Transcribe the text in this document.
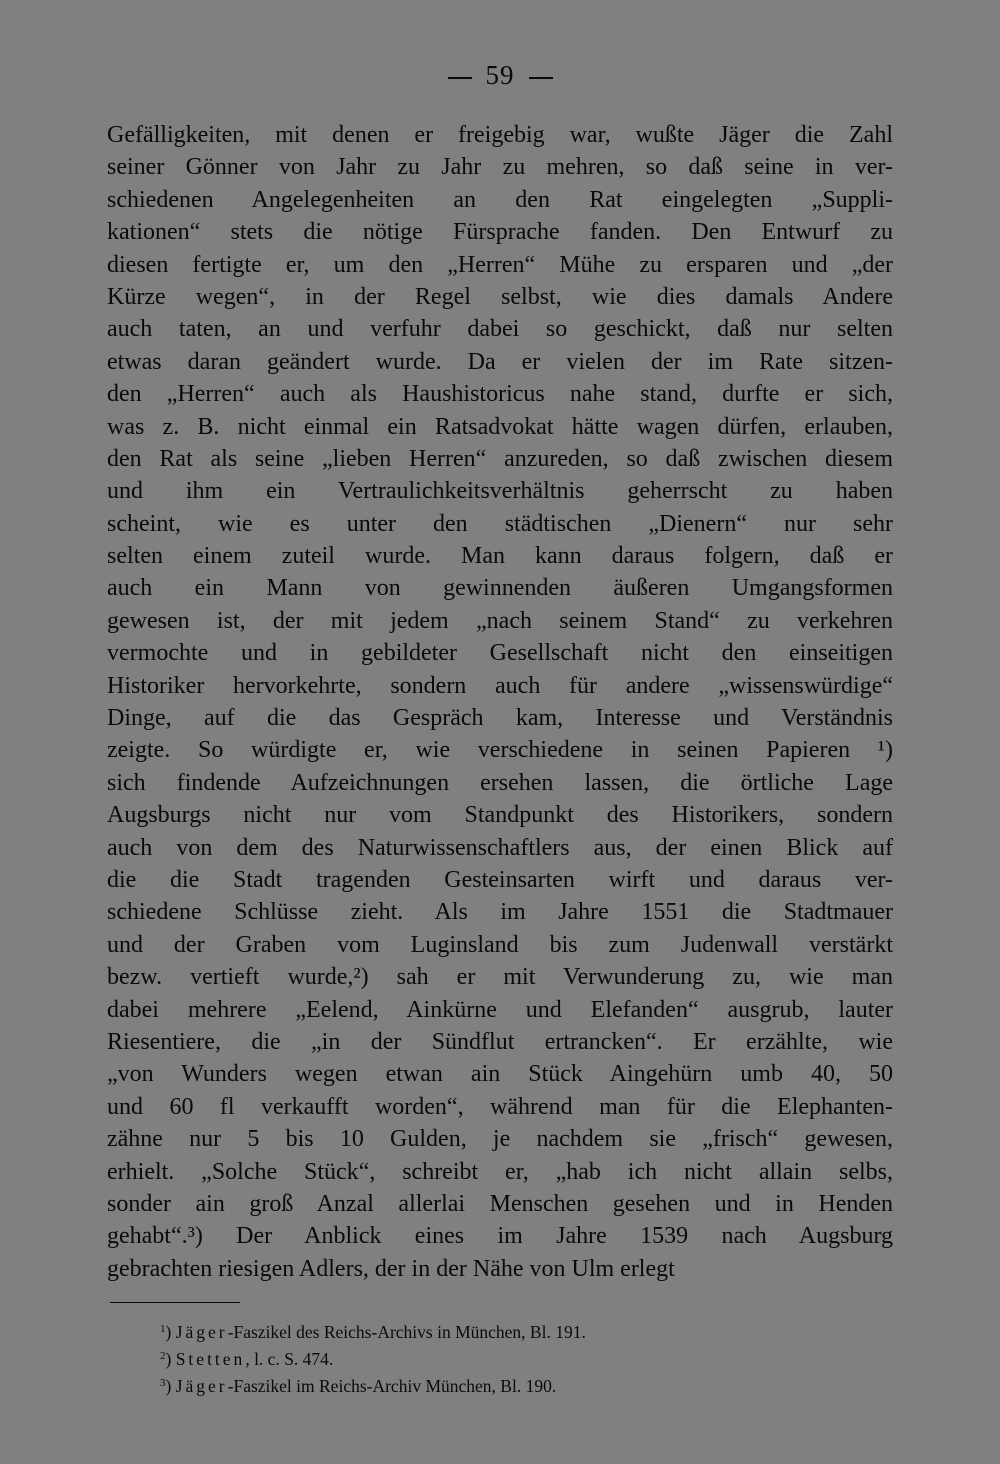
59
Gefälligkeiten, mit denen er freigebig war, wußte Jäger die Zahl
seiner Gönner von Jahr zu Jahr zu mehren, so daß seine in ver-
schiedenen Angelegenheiten an den Rat eingelegten „Suppli-
kationen“ stets die nötige Fürsprache fanden. Den Entwurf zu
diesen fertigte er, um den „Herren“ Mühe zu ersparen und „der
Kürze wegen“, in der Regel selbst, wie dies damals Andere
auch taten, an und verfuhr dabei so geschickt, daß nur selten
etwas daran geändert wurde. Da er vielen der im Rate sitzen-
den „Herren“ auch als Haushistoricus nahe stand, durfte er sich,
was z. B. nicht einmal ein Ratsadvokat hätte wagen dürfen, erlauben,
den Rat als seine „lieben Herren“ anzureden, so daß zwischen diesem
und ihm ein Vertraulichkeitsverhältnis geherrscht zu haben
scheint, wie es unter den städtischen „Dienern“ nur sehr
selten einem zuteil wurde. Man kann daraus folgern, daß er
auch ein Mann von gewinnenden äußeren Umgangsformen
gewesen ist, der mit jedem „nach seinem Stand“ zu verkehren
vermochte und in gebildeter Gesellschaft nicht den einseitigen
Historiker hervorkehrte, sondern auch für andere „wissenswürdige“
Dinge, auf die das Gespräch kam, Interesse und Verständnis
zeigte. So würdigte er, wie verschiedene in seinen Papieren ¹)
sich findende Aufzeichnungen ersehen lassen, die örtliche Lage
Augsburgs nicht nur vom Standpunkt des Historikers, sondern
auch von dem des Naturwissenschaftlers aus, der einen Blick auf
die die Stadt tragenden Gesteinsarten wirft und daraus ver-
schiedene Schlüsse zieht. Als im Jahre 1551 die Stadtmauer
und der Graben vom Luginsland bis zum Judenwall verstärkt
bezw. vertieft wurde,²) sah er mit Verwunderung zu, wie man
dabei mehrere „Eelend, Ainkürne und Elefanden“ ausgrub, lauter
Riesentiere, die „in der Sündflut ertrancken“. Er erzählte, wie
„von Wunders wegen etwan ain Stück Aingehürn umb 40, 50
und 60 fl verkaufft worden“, während man für die Elephanten-
zähne nur 5 bis 10 Gulden, je nachdem sie „frisch“ gewesen,
erhielt. „Solche Stück“, schreibt er, „hab ich nicht allain selbs,
sonder ain groß Anzal allerlai Menschen gesehen und in Henden
gehabt“.³) Der Anblick eines im Jahre 1539 nach Augsburg
gebrachten riesigen Adlers, der in der Nähe von Ulm erlegt
$^1$) Jäger-Faszikel des Reichs-Archivs in München, Bl. 191.
$^2$) Stetten, l. c. S. 474.
$^3$) Jäger-Faszikel im Reichs-Archiv München, Bl. 190.
